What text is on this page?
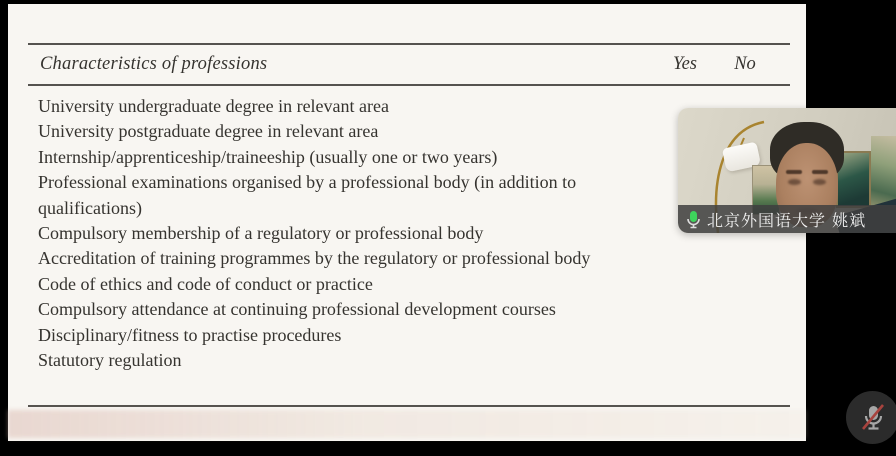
Characteristics of professions	Yes	No
University undergraduate degree in relevant area
University postgraduate degree in relevant area
Internship/apprenticeship/traineeship (usually one or two years)
Professional examinations organised by a professional body (in addition to qualifications)
Compulsory membership of a regulatory or professional body
Accreditation of training programmes by the regulatory or professional body
Code of ethics and code of conduct or practice
Compulsory attendance at continuing professional development courses
Disciplinary/fitness to practise procedures
Statutory regulation
北京外国语大学 姚斌
